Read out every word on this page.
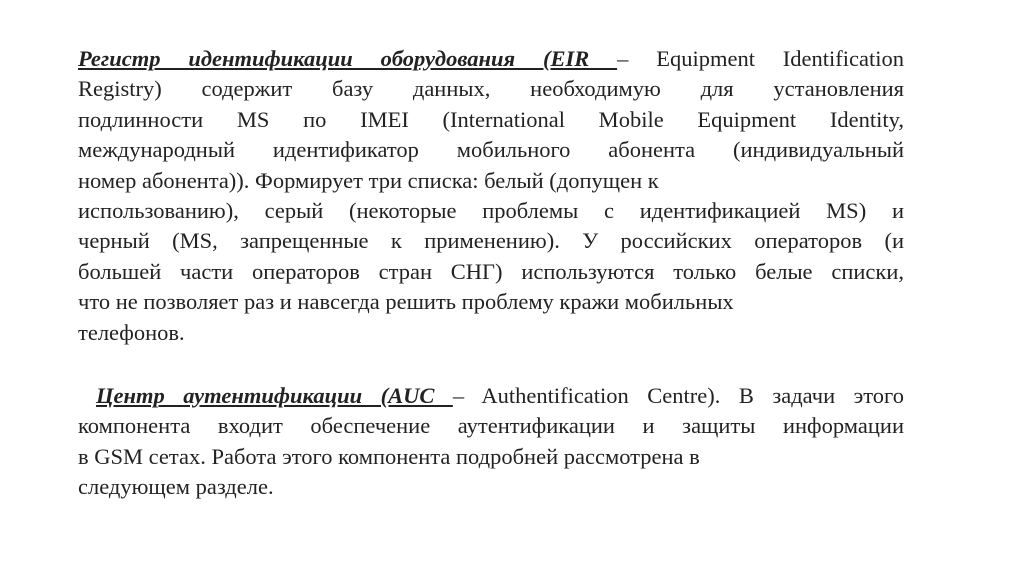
Регистр идентификации оборудования (EIR – Equipment Identification
Registry) содержит базу данных, необходимую для установления
подлинности MS по IMEI (International Mobile Equipment Identity,
международный идентификатор мобильного абонента (индивидуальный
номер абонента)). Формирует три списка: белый (допущен к
использованию), серый (некоторые проблемы с идентификацией MS) и
черный (MS, запрещенные к применению). У российских операторов (и
большей части операторов стран СНГ) используются только белые списки,
что не позволяет раз и навсегда решить проблему кражи мобильных
телефонов.
Центр аутентификации (AUC – Authentification Centre). В задачи этого
компонента входит обеспечение аутентификации и защиты информации
в GSM сетах. Работа этого компонента подробней рассмотрена в
следующем разделе.
